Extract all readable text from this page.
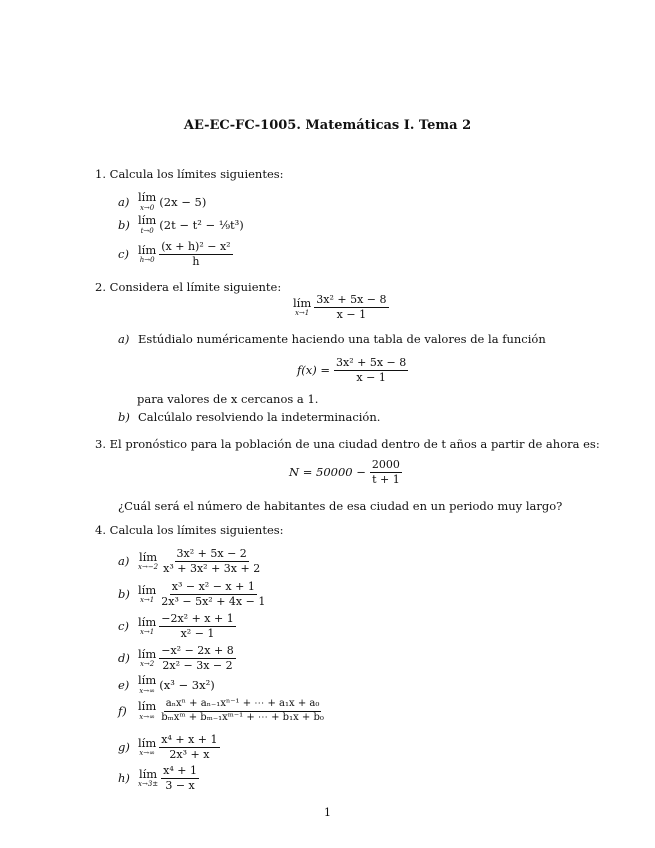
AE-EC-FC-1005. Matemáticas I. Tema 2
1. Calcula los límites siguientes:
a) lím
x→0 (2x − 5)
b) lím
t→0 (2t − t² − ⅑t³)
c) lím
$h\to 0 \frac{\text{(x + h)² − x²}}{h}$
2. Considera el límite siguiente:
lím
$x\to 1 \frac{\text{3x² + 5x − 8}}{x - 1}$
a) Estúdialo numéricamente haciendo una tabla de valores de la función
$f(x) = \frac{\text{3x² + 5x − 8}}{x - 1}$
para valores de x cercanos a 1.
b) Calcúlalo resolviendo la indeterminación.
3. El pronóstico para la población de una ciudad dentro de t años a partir de ahora es:
$N = 50000 - \frac{2000}{t + 1}$
¿Cuál será el número de habitantes de esa ciudad en un periodo muy largo?
4. Calcula los límites siguientes:
a) lím
$x\to-2 \frac{\text{3x² + 5x − 2}}{\text{x³ + 3x² + 3x + 2}}$
b) lím
$x\to 1 \frac{\text{x³ − x² − x + 1}}{\text{2x³ − 5x² + 4x − 1}}$
c) lím
$x\to 1 \frac{\text{−2x² + x + 1}}{\text{x² − 1}}$
d) lím
$x\to 2 \frac{\text{−x² − 2x + 8}}{\text{2x² − 3x − 2}}$
e) lím
x→∞ (x³ − 3x²)
f) lím
$x\to\infty \frac{\text{aₙxⁿ + aₙ₋₁xⁿ⁻¹ + ⋯ + a₁x + a₀}}{\text{bₘxᵐ + bₘ₋₁xᵐ⁻¹ + ⋯ + b₁x + b₀}}$
g) lím
$x\to\infty \frac{\text{x⁴ + x + 1}}{\text{2x³ + x}}$
h) lím
$x\to 3\pm \frac{\text{x⁴ + 1}}{3 - x}$
1
